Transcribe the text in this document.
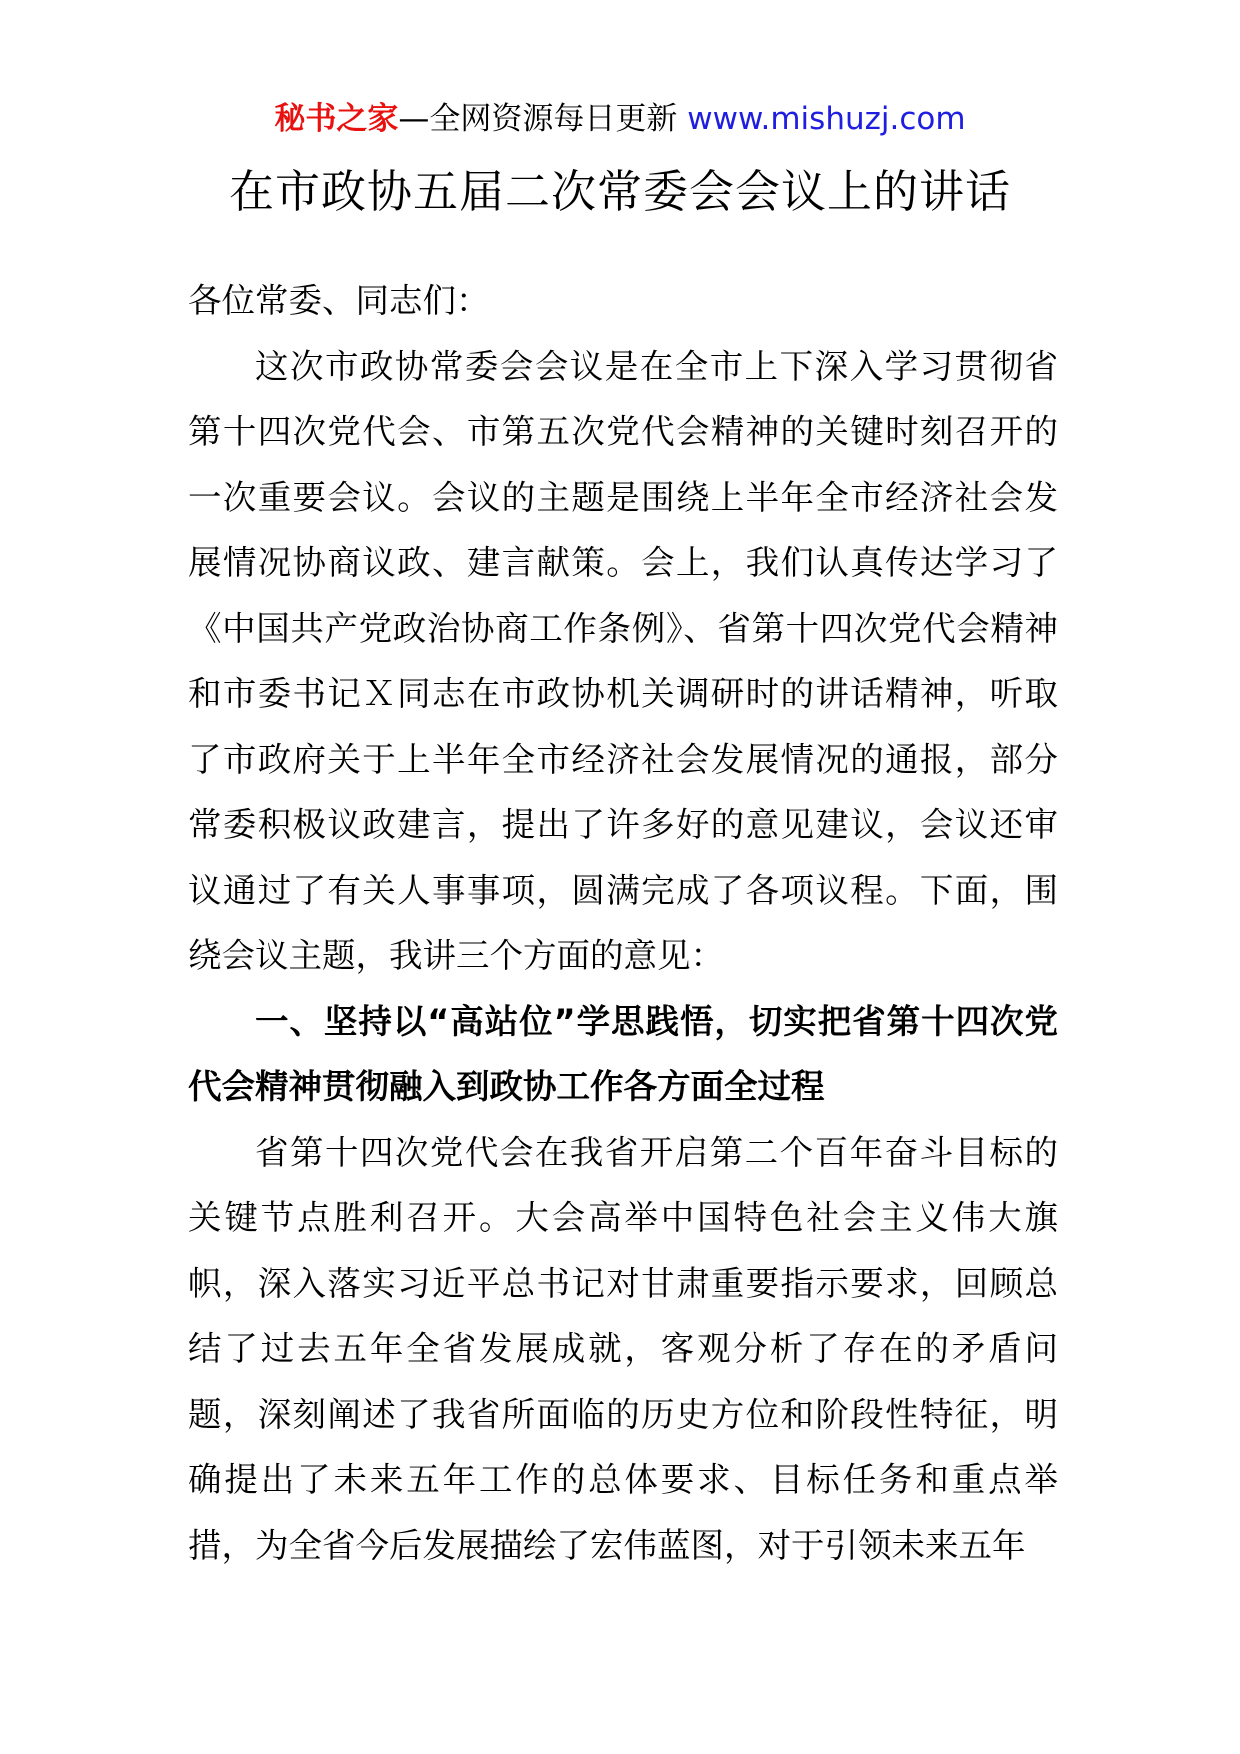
秘书之家—全网资源每日更新 www.mishuzj.com
在市政协五届二次常委会会议上的讲话

各位常委、同志们：

这次市政协常委会会议是在全市上下深入学习贯彻省第十四次党代会、市第五次党代会精神的关键时刻召开的一次重要会议。会议的主题是围绕上半年全市经济社会发展情况协商议政、建言献策。会上，我们认真传达学习了《中国共产党政治协商工作条例》、省第十四次党代会精神和市委书记Ｘ同志在市政协机关调研时的讲话精神，听取了市政府关于上半年全市经济社会发展情况的通报，部分常委积极议政建言，提出了许多好的意见建议，会议还审议通过了有关人事事项，圆满完成了各项议程。下面，围绕会议主题，我讲三个方面的意见：

一、坚持以“高站位”学思践悟，切实把省第十四次党代会精神贯彻融入到政协工作各方面全过程

省第十四次党代会在我省开启第二个百年奋斗目标的关键节点胜利召开。大会高举中国特色社会主义伟大旗帜，深入落实习近平总书记对甘肃重要指示要求，回顾总结了过去五年全省发展成就，客观分析了存在的矛盾问题，深刻阐述了我省所面临的历史方位和阶段性特征，明确提出了未来五年工作的总体要求、目标任务和重点举措，为全省今后发展描绘了宏伟蓝图，对于引领未来五年
